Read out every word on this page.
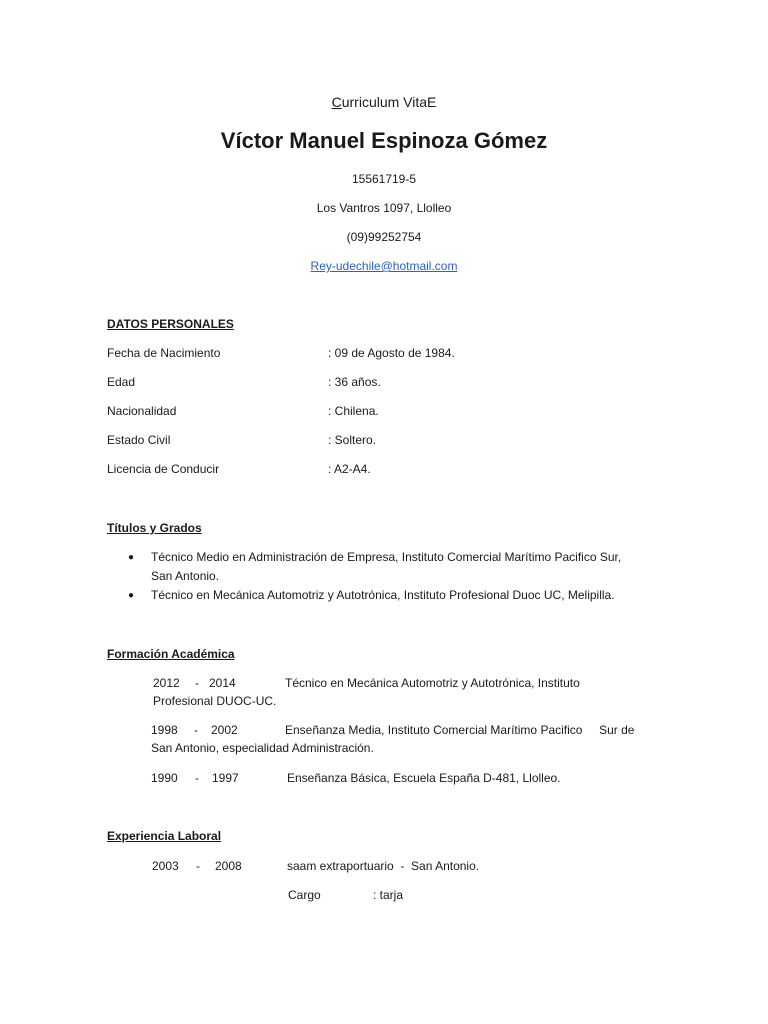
Curriculum VitaE
Víctor Manuel Espinoza Gómez
15561719-5
Los Vantros 1097, Llolleo
(09)99252754
Rey-udechile@hotmail.com
DATOS PERSONALES
Fecha de Nacimiento	: 09 de Agosto de 1984.
Edad	: 36 años.
Nacionalidad	: Chilena.
Estado Civil	: Soltero.
Licencia de Conducir	: A2-A4.
Títulos y Grados
● Técnico Medio en Administración de Empresa, Instituto Comercial Marítimo Pacifico Sur,
San Antonio.
● Técnico en Mecánica Automotriz y Autotrónica, Instituto Profesional Duoc UC, Melipilla.
Formación Académica
2012 - 2014	Técnico en Mecánica Automotriz y Autotrónica, Instituto
Profesional DUOC-UC.
1998 - 2002	Enseñanza Media, Instituto Comercial Marítimo Pacifico     Sur de
San Antonio, especialidad Administración.
1990 - 1997	Enseñanza Básica, Escuela España D-481, Llolleo.
Experiencia Laboral
2003 - 2008	saam extraportuario  -  San Antonio.
Cargo	: tarja
